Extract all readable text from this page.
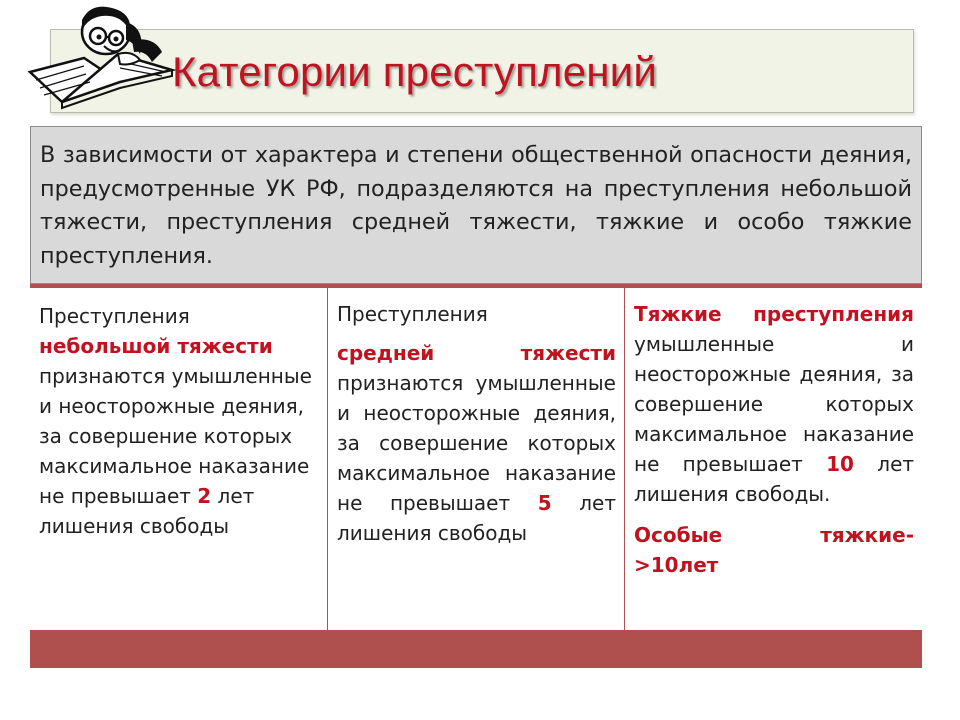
Категории преступлений

В зависимости от характера и степени общественной опасности деяния, предусмотренные УК РФ, подразделяются на преступления небольшой тяжести, преступления средней тяжести, тяжкие и особо тяжкие преступления.

Преступления
небольшой тяжести
признаются умышленные и неосторожные деяния, за совершение которых максимальное наказание не превышает 2 лет лишения свободы

Преступления

средней тяжести признаются умышленные и неосторожные деяния, за совершение которых максимальное наказание не превышает 5 лет лишения свободы

Тяжкие преступления умышленные и неосторожные деяния, за совершение которых максимальное наказание не превышает 10 лет лишения свободы.

Особые тяжкие- >10лет
